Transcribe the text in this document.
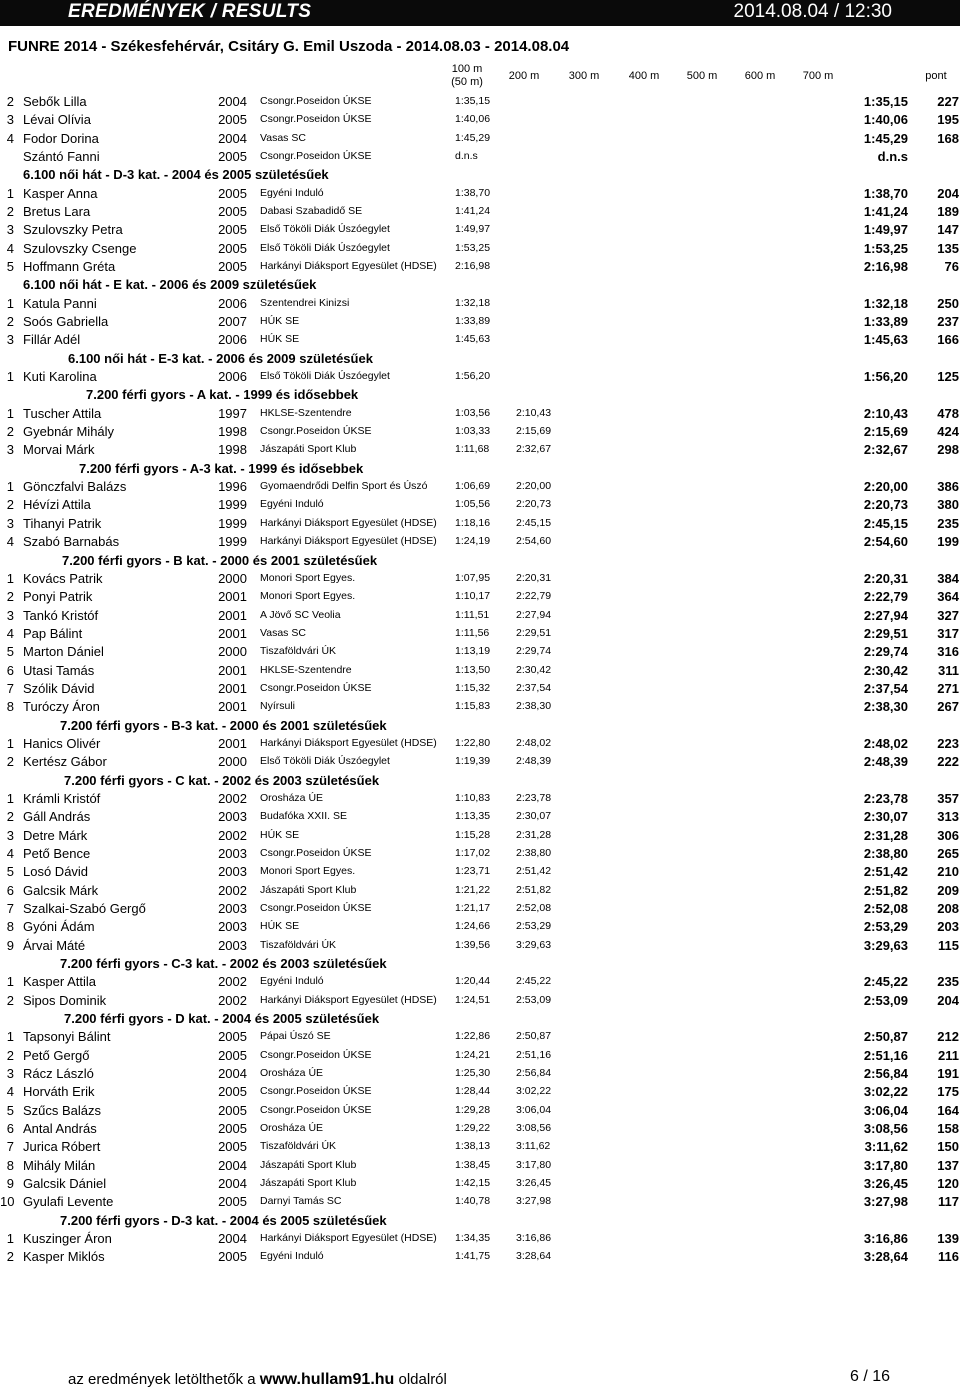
EREDMÉNYEK / RESULTS	2014.08.04 / 12:30
FUNRE 2014 - Székesfehérvár, Csitáry G. Emil Uszoda - 2014.08.03 - 2014.08.04
100 m
(50 m)	200 m	300 m	400 m	500 m	600 m	700 m	pont
2 Sebők Lilla	2004 Csongr.Poseidon ÚKSE	1:35,15	1:35,15	227
3 Lévai Olívia	2005 Csongr.Poseidon ÚKSE	1:40,06	1:40,06	195
4 Fodor Dorina	2004 Vasas SC	1:45,29	1:45,29	168
Szántó Fanni	2005 Csongr.Poseidon ÚKSE	d.n.s	d.n.s
6.100 női hát - D-3 kat. - 2004 és 2005 születésűek
1 Kasper Anna	2005 Egyéni Induló	1:38,70	1:38,70	204
2 Bretus Lara	2005 Dabasi Szabadidő SE	1:41,24	1:41,24	189
3 Szulovszky Petra	2005 Első Tököli Diák Úszóegylet	1:49,97	1:49,97	147
4 Szulovszky Csenge	2005 Első Tököli Diák Úszóegylet	1:53,25	1:53,25	135
5 Hoffmann Gréta	2005 Harkányi Diáksport Egyesület (HDSE) 2:16,98	2:16,98	76
6.100 női hát - E kat. - 2006 és 2009 születésűek
1 Katula Panni	2006 Szentendrei Kinizsi	1:32,18	1:32,18	250
2 Soós Gabriella	2007 HÚK SE	1:33,89	1:33,89	237
3 Fillár Adél	2006 HÚK SE	1:45,63	1:45,63	166
6.100 női hát - E-3 kat. - 2006 és 2009 születésűek
1 Kuti Karolina	2006 Első Tököli Diák Úszóegylet	1:56,20	1:56,20	125
7.200 férfi gyors - A kat. - 1999 és idősebbek
1 Tuscher Attila	1997 HKLSE-Szentendre	1:03,56 2:10,43	2:10,43	478
2 Gyebnár Mihály	1998 Csongr.Poseidon ÚKSE	1:03,33 2:15,69	2:15,69	424
3 Morvai Márk	1998 Jászapáti Sport Klub	1:11,68	2:32,67	2:32,67	298
7.200 férfi gyors - A-3 kat. - 1999 és idősebbek
1 Gönczfalvi Balázs	1996 Gyomaendrődi Delfin Sport és Úszó	1:06,69 2:20,00	2:20,00	386
2 Hévízi Attila	1999 Egyéni Induló	1:05,56 2:20,73	2:20,73	380
3 Tihanyi Patrik	1999 Harkányi Diáksport Egyesület (HDSE) 1:18,16 2:45,15	2:45,15	235
4 Szabó Barnabás	1999 Harkányi Diáksport Egyesület (HDSE) 1:24,19 2:54,60	2:54,60	199
7.200 férfi gyors - B kat. - 2000 és 2001 születésűek
1 Kovács Patrik	2000 Monori Sport Egyes.	1:07,95 2:20,31	2:20,31	384
2 Ponyi Patrik	2001 Monori Sport Egyes.	1:10,17 2:22,79	2:22,79	364
3 Tankó Kristóf	2001 A Jövő SC Veolia	1:11,51	2:27,94	2:27,94	327
4 Pap Bálint	2001 Vasas SC	1:11,56	2:29,51	2:29,51	317
5 Marton Dániel	2000 Tiszaföldvári ÚK	1:13,19 2:29,74	2:29,74	316
6 Utasi Tamás	2001 HKLSE-Szentendre	1:13,50 2:30,42	2:30,42	311
7 Szólik Dávid	2001 Csongr.Poseidon ÚKSE	1:15,32 2:37,54	2:37,54	271
8 Turóczy Áron	2001 Nyírsuli	1:15,83 2:38,30	2:38,30	267
7.200 férfi gyors - B-3 kat. - 2000 és 2001 születésűek
1 Hanics Olivér	2001 Harkányi Diáksport Egyesület (HDSE) 1:22,80 2:48,02	2:48,02	223
2 Kertész Gábor	2000 Első Tököli Diák Úszóegylet	1:19,39 2:48,39	2:48,39	222
7.200 férfi gyors - C kat. - 2002 és 2003 születésűek
1 Krámli Kristóf	2002 Orosháza ÚE	1:10,83 2:23,78	2:23,78	357
2 Gáll András	2003 Budafóka XXII. SE	1:13,35 2:30,07	2:30,07	313
3 Detre Márk	2002 HÚK SE	1:15,28 2:31,28	2:31,28	306
4 Pető Bence	2003 Csongr.Poseidon ÚKSE	1:17,02 2:38,80	2:38,80	265
5 Losó Dávid	2003 Monori Sport Egyes.	1:23,71 2:51,42	2:51,42	210
6 Galcsik Márk	2002 Jászapáti Sport Klub	1:21,22 2:51,82	2:51,82	209
7 Szalkai-Szabó Gergő	2003 Csongr.Poseidon ÚKSE	1:21,17 2:52,08	2:52,08	208
8 Gyóni Ádám	2003 HÚK SE	1:24,66 2:53,29	2:53,29	203
9 Árvai Máté	2003 Tiszaföldvári ÚK	1:39,56 3:29,63	3:29,63	115
7.200 férfi gyors - C-3 kat. - 2002 és 2003 születésűek
1 Kasper Attila	2002 Egyéni Induló	1:20,44 2:45,22	2:45,22	235
2 Sipos Dominik	2002 Harkányi Diáksport Egyesület (HDSE) 1:24,51 2:53,09	2:53,09	204
7.200 férfi gyors - D kat. - 2004 és 2005 születésűek
1 Tapsonyi Bálint	2005 Pápai Úszó SE	1:22,86 2:50,87	2:50,87	212
2 Pető Gergő	2005 Csongr.Poseidon ÚKSE	1:24,21 2:51,16	2:51,16	211
3 Rácz László	2004 Orosháza ÚE	1:25,30 2:56,84	2:56,84	191
4 Horváth Erik	2005 Csongr.Poseidon ÚKSE	1:28,44 3:02,22	3:02,22	175
5 Szűcs Balázs	2005 Csongr.Poseidon ÚKSE	1:29,28 3:06,04	3:06,04	164
6 Antal András	2005 Orosháza ÚE	1:29,22 3:08,56	3:08,56	158
7 Jurica Róbert	2005 Tiszaföldvári ÚK	1:38,13 3:11,62	3:11,62	150
8 Mihály Milán	2004 Jászapáti Sport Klub	1:38,45 3:17,80	3:17,80	137
9 Galcsik Dániel	2004 Jászapáti Sport Klub	1:42,15 3:26,45	3:26,45	120
10 Gyulafi Levente	2005 Darnyi Tamás SC	1:40,78 3:27,98	3:27,98	117
7.200 férfi gyors - D-3 kat. - 2004 és 2005 születésűek
1 Kuszinger Áron	2004 Harkányi Diáksport Egyesület (HDSE) 1:34,35 3:16,86	3:16,86	139
2 Kasper Miklós	2005 Egyéni Induló	1:41,75 3:28,64	3:28,64	116
az eredmények letölthetők a www.hullam91.hu oldalról	6 / 16
